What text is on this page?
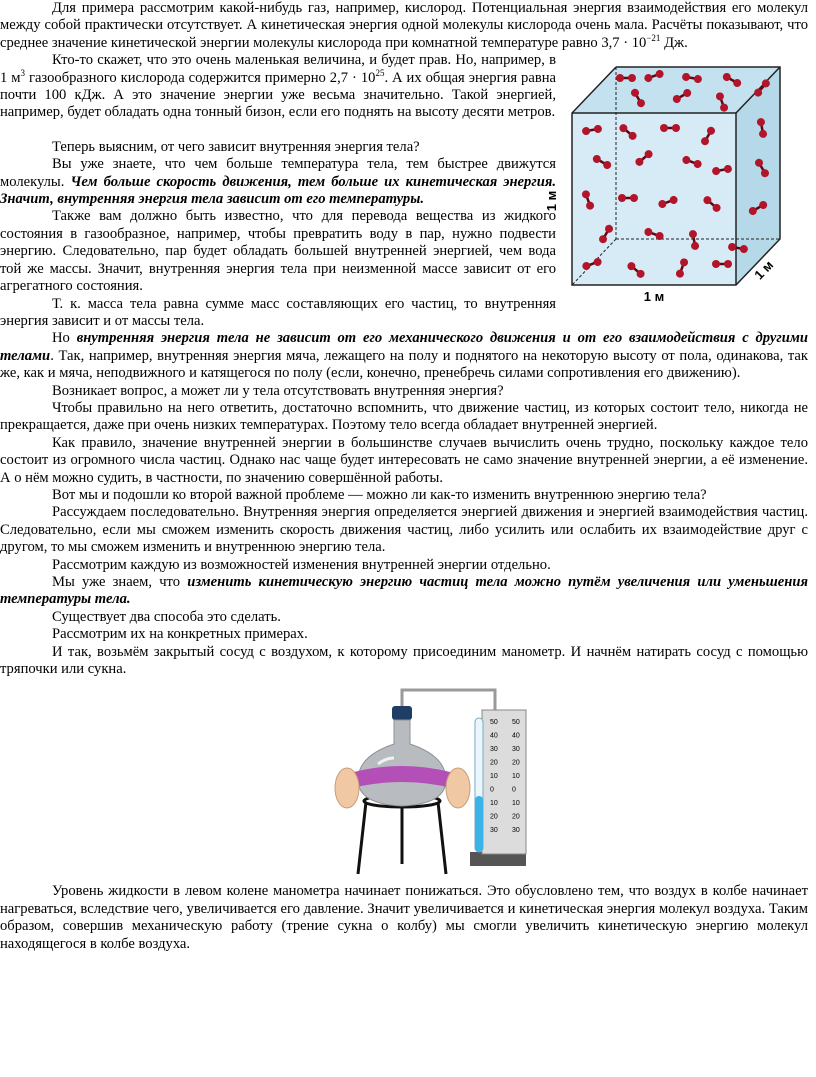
Для примера рассмотрим какой-нибудь газ, например, кислород. Потенциальная энергия взаимодействия его молекул между собой практически отсутствует. А кинетическая энергия одной молекулы кислорода очень мала. Расчёты показывают, что среднее значение кинетической энергии молекулы кислорода при комнатной температуре равно $3,7 \cdot 10^{-21}$ Дж.

1 м
1 м
1 м

Кто-то скажет, что это очень маленькая величина, и будет прав. Но, например, в 1 $м^3$ газообразного кислорода содержится примерно $2,7 \cdot 10^{25}$. А их общая энергия равна почти 100 кДж. А это значение энергии уже весьма значительно. Такой энергией, например, будет обладать одна тонный бизон, если его поднять на высоту десяти метров.

Теперь выясним, от чего зависит внутренняя энергия тела?

Вы уже знаете, что чем больше температура тела, тем быстрее движутся молекулы. Чем больше скорость движения, тем больше их кинетическая энергия. Значит, внутренняя энергия тела зависит от его температуры.

Также вам должно быть известно, что для перевода вещества из жидкого состояния в газообразное, например, чтобы превратить воду в пар, нужно подвести энергию. Следовательно, пар будет обладать большей внутренней энергией, чем вода той же массы. Значит, внутренняя энергия тела при неизменной массе зависит от его агрегатного состояния.

Т. к. масса тела равна сумме масс составляющих его частиц, то внутренняя энергия зависит и от массы тела.

Но внутренняя энергия тела не зависит от его механического движения и от его взаимодействия с другими телами. Так, например, внутренняя энергия мяча, лежащего на полу и поднятого на некоторую высоту от пола, одинакова, так же, как и мяча, неподвижного и катящегося по полу (если, конечно, пренебречь силами сопротивления его движению).

Возникает вопрос, а может ли у тела отсутствовать внутренняя энергия?

Чтобы правильно на него ответить, достаточно вспомнить, что движение частиц, из которых состоит тело, никогда не прекращается, даже при очень низких температурах. Поэтому тело всегда обладает внутренней энергией.

Как правило, значение внутренней энергии в большинстве случаев вычислить очень трудно, поскольку каждое тело состоит из огромного числа частиц. Однако нас чаще будет интересовать не само значение внутренней энергии, а её изменение. А о нём можно судить, в частности, по значению совершённой работы.

Вот мы и подошли ко второй важной проблеме — можно ли как-то изменить внутреннюю энергию тела?

Рассуждаем последовательно. Внутренняя энергия определяется энергией движения и энергией взаимодействия частиц. Следовательно, если мы сможем изменить скорость движения частиц, либо усилить или ослабить их взаимодействие друг с другом, то мы сможем изменить и внутреннюю энергию тела.

Рассмотрим каждую из возможностей изменения внутренней энергии отдельно.

Мы уже знаем, что изменить кинетическую энергию частиц тела можно путём увеличения или уменьшения температуры тела.

Существует два способа это сделать.

Рассмотрим их на конкретных примерах.

И так, возьмём закрытый сосуд с воздухом, к которому присоединим манометр. И начнём натирать сосуд с помощью тряпочки или сукна.

50 50
40 40
30 30
20 20
10 10
0	0
10 10
20 20
30 30

Уровень жидкости в левом колене манометра начинает понижаться. Это обусловлено тем, что воздух в колбе начинает нагреваться, вследствие чего, увеличивается его давление. Значит увеличивается и кинетическая энергия молекул воздуха. Таким образом, совершив механическую работу (трение сукна о колбу) мы смогли увеличить кинетическую энергию молекул находящегося в колбе воздуха.
